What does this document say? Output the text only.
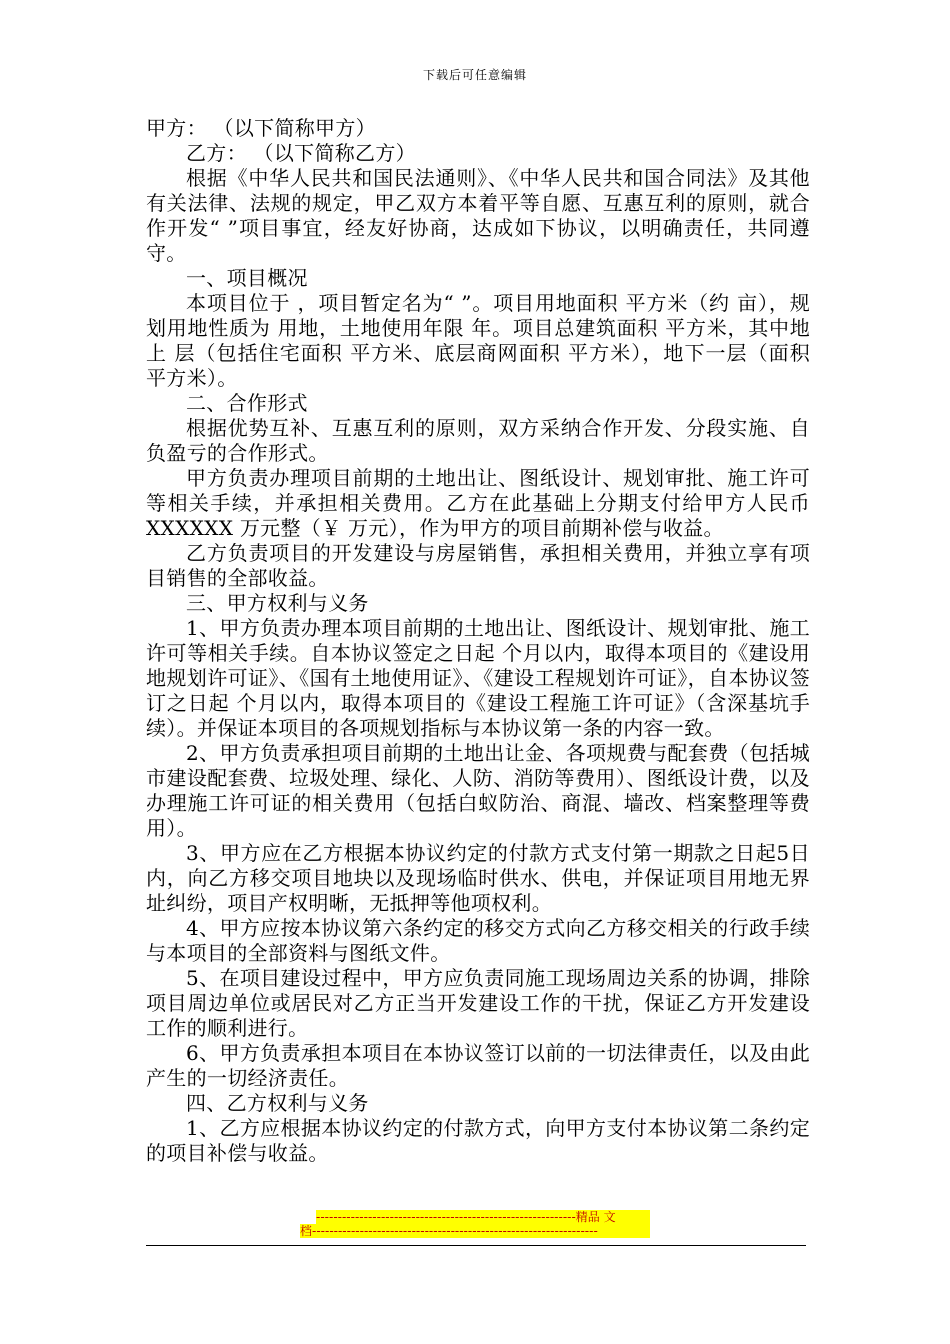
下载后可任意编辑

甲方： （以下简称甲方）

乙方： （以下简称乙方）

根据《中华人民共和国民法通则》、《中华人民共和国合同法》及其他有关法律、法规的规定，甲乙双方本着平等自愿、互惠互利的原则，就合作开发“ ”项目事宜，经友好协商，达成如下协议，以明确责任，共同遵守。

一、项目概况

本项目位于 ，项目暂定名为“ ”。项目用地面积 平方米（约 亩），规划用地性质为 用地，土地使用年限 年。项目总建筑面积 平方米，其中地上 层（包括住宅面积 平方米、底层商网面积 平方米），地下一层（面积 平方米）。

二、合作形式

根据优势互补、互惠互利的原则，双方采纳合作开发、分段实施、自负盈亏的合作形式。

甲方负责办理项目前期的土地出让、图纸设计、规划审批、施工许可等相关手续，并承担相关费用。乙方在此基础上分期支付给甲方人民币XXXXXX 万元整（￥ 万元），作为甲方的项目前期补偿与收益。

乙方负责项目的开发建设与房屋销售，承担相关费用，并独立享有项目销售的全部收益。

三、甲方权利与义务

1、甲方负责办理本项目前期的土地出让、图纸设计、规划审批、施工许可等相关手续。自本协议签定之日起 个月以内，取得本项目的《建设用地规划许可证》、《国有土地使用证》、《建设工程规划许可证》，自本协议签订之日起 个月以内，取得本项目的《建设工程施工许可证》（含深基坑手续）。并保证本项目的各项规划指标与本协议第一条的内容一致。

2、甲方负责承担项目前期的土地出让金、各项规费与配套费（包括城市建设配套费、垃圾处理、绿化、人防、消防等费用）、图纸设计费，以及办理施工许可证的相关费用（包括白蚁防治、商混、墙改、档案整理等费用）。

3、甲方应在乙方根据本协议约定的付款方式支付第一期款之日起5日内，向乙方移交项目地块以及现场临时供水、供电，并保证项目用地无界址纠纷，项目产权明晰，无抵押等他项权利。

4、甲方应按本协议第六条约定的移交方式向乙方移交相关的行政手续与本项目的全部资料与图纸文件。

5、在项目建设过程中，甲方应负责同施工现场周边关系的协调，排除项目周边单位或居民对乙方正当开发建设工作的干扰，保证乙方开发建设工作的顺利进行。

6、甲方负责承担本项目在本协议签订以前的一切法律责任，以及由此产生的一切经济责任。

四、乙方权利与义务

1、乙方应根据本协议约定的付款方式，向甲方支付本协议第二条约定的项目补偿与收益。

------------------------------------------------------------精品 文
档------------------------------------------------------------------
